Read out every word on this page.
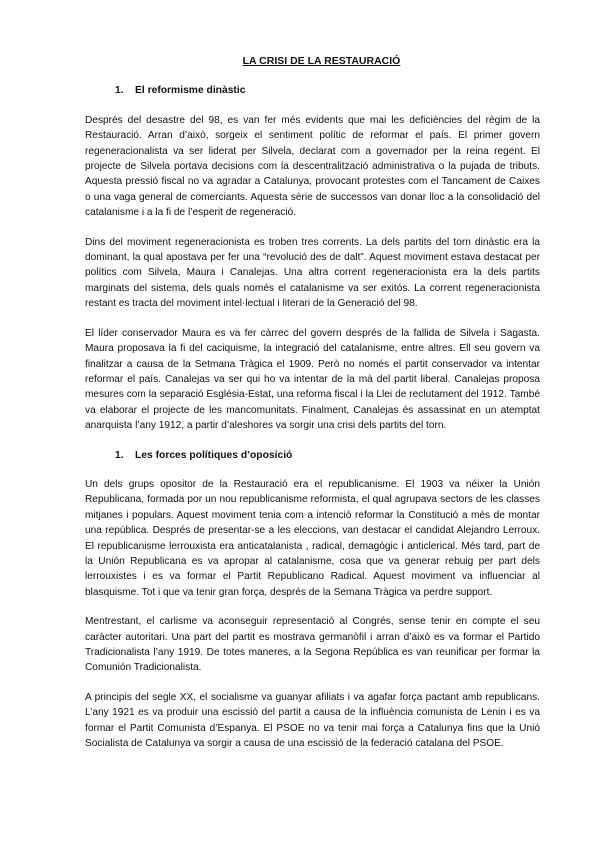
LA CRISI DE LA RESTAURACIÓ
1.	El reformisme dinàstic

Després del desastre del 98, es van fer més evidents que mai les deficiències del règim de la Restauració. Arran d’això, sorgeix el sentiment polític de reformar el país. El primer govern regeneracionalista va ser liderat per Silvela, declarat com a governador per la reina regent. El projecte de Silvela portava decisions com la descentralització administrativa o la pujada de tributs. Aquesta pressió fiscal no va agradar a Catalunya, provocant protestes com el Tancament de Caixes o una vaga general de comerciants. Aquesta sèrie de successos van donar lloc a la consolidació del catalanisme i a la fi de l’esperit de regeneració.

Dins del moviment regeneracionista es troben tres corrents. La dels partits del torn dinàstic era la dominant, la qual apostava per fer una “revolució des de dalt”. Aquest moviment estava destacat per polítics com Silvela, Maura i Canalejas. Una altra corrent regeneracionista era la dels partits marginats del sistema, dels quals només el catalanisme va ser exitós. La corrent regeneracionista restant es tracta del moviment intel·lectual i literari de la Generació del 98.

El líder conservador Maura es va fer càrrec del govern després de la fallida de Silvela i Sagasta. Maura proposava la fi del caciquisme, la integració del catalanisme, entre altres. Ell seu govern va finalitzar a causa de la Setmana Tràgica el 1909. Però no només el partit conservador va intentar reformar el país. Canalejas va ser qui ho va intentar de la mà del partit liberal. Canalejas proposa mesures com la separació Església-Estat, una reforma fiscal i la Llei de reclutament del 1912. També va elaborar el projecte de les mancomunitats. Finalment, Canalejas és assassinat en un atemptat anarquista l’any 1912, a partir d’aleshores va sorgir una crisi dels partits del torn.

1.	Les forces polítiques d’oposició

Un dels grups opositor de la Restauració era el republicanisme. El 1903 va néixer la Unión Republicana, formada por un nou republicanisme reformista, el qual agrupava sectors de les classes mitjanes i populars. Aquest moviment tenia com a intenció reformar la Constitució a més de montar una república. Després de presentar-se a les eleccions, van destacar el candidat Alejandro Lerroux. El republicanisme lerrouxista era anticatalanista , radical, demagògic i anticlerical. Més tard, part de la Unión Republicana es va apropar al catalanisme, cosa que va generar rebuig per part dels lerrouxistes i es va formar el Partit Republicano Radical. Aquest moviment va influenciar al blasquisme. Tot i que va tenir gran força, després de la Semana Tràgica va perdre support.

Mentrestant, el carlisme va aconseguir representació al Congrés, sense tenir en compte el seu caràcter autoritari. Una part del partit es mostrava germanòfil i arran d’això es va formar el Partido Tradicionalista l’any 1919. De totes maneres, a la Segona República es van reunificar per formar la Comunión Tradicionalista.

A principis del segle XX, el socialisme va guanyar afiliats i va agafar força pactant amb republicans. L’any 1921 es va produir una escissió del partit a causa de la influència comunista de Lenin i es va formar el Partit Comunista d’Espanya. El PSOE no va tenir mai força a Catalunya fins que la Unió Socialista de Catalunya va sorgir a causa de una escissió de la federació catalana del PSOE.
